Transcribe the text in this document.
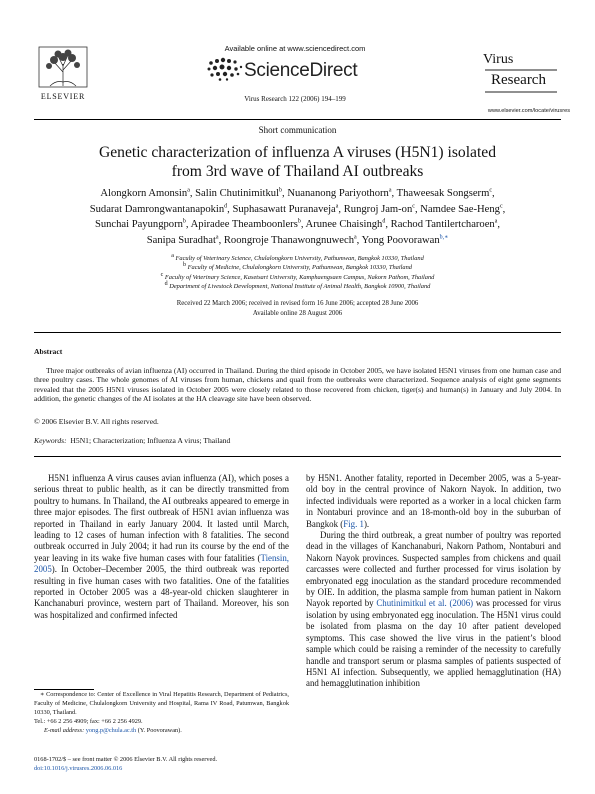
Available online at www.sciencedirect.com
ScienceDirect
ELSEVIER	Virus Research 122 (2006) 194–199
Virus
Research
www.elsevier.com/locate/virusres
Short communication
Genetic characterization of influenza A viruses (H5N1) isolated
from 3rd wave of Thailand AI outbreaks
Alongkorn Amonsin$^a$, Salin Chutinimitkul$^b$, Nuananong Pariyothorn$^a$, Thaweesak Songserm$^c$,
Sudarat Damrongwantanapokin$^d$, Suphasawatt Puranaveja$^a$, Rungroj Jam-$on^c$, Namdee Sae-Heng$^c$,
Sunchai Payungporn$^b$, Apiradee Theamboonlers$^b$, Arunee Chaisingh$^d$, Rachod Tantilertcharoen$^a$,
Sanipa Suradhat$^a$, Roongroje Thanawongnuwech$^a$, Yong Poovorawan$^{b,∗}$
a Faculty of Veterinary Science, Chulalongkorn University, Pathumwan, Bangkok 10330, Thailand
b Faculty of Medicine, Chulalongkorn University, Pathumwan, Bangkok 10330, Thailand
c Faculty of Veterinary Science, Kasetsart University, Kamphaengsaen Campus, Nakorn Pathom, Thailand
d Department of Livestock Development, National Institute of Animal Health, Bangkok 10900, Thailand
Received 22 March 2006; received in revised form 16 June 2006; accepted 28 June 2006
Available online 28 August 2006
Abstract
Three major outbreaks of avian influenza (AI) occurred in Thailand. During the third episode in October 2005, we have isolated H5N1 viruses from one human case and three poultry cases. The whole genomes of AI viruses from human, chickens and quail from the outbreaks were characterized. Sequence analysis of eight gene segments revealed that the 2005 H5N1 viruses isolated in October 2005 were closely related to those recovered from chicken, tiger(s) and human(s) in January and July 2004. In addition, the genetic changes of the AI isolates at the HA cleavage site have been observed.
© 2006 Elsevier B.V. All rights reserved.
Keywords: H5N1; Characterization; Influenza A virus; Thailand

H5N1 influenza A virus causes avian influenza (AI), which poses a serious threat to public health, as it can be directly transmitted from poultry to humans. In Thailand, the AI outbreaks appeared to emerge in three major episodes. The first outbreak of H5N1 avian influenza was reported in Thailand in early January 2004. It lasted until March, leading to 12 cases of human infection with 8 fatalities. The second outbreak occurred in July 2004; it had run its course by the end of the year leaving in its wake five human cases with four fatalities (Tiensin, 2005). In October–December 2005, the third outbreak was reported resulting in five human cases with two fatalities. One of the fatalities reported in October 2005 was a 48-year-old chicken slaughterer in Kanchanaburi province, western part of Thailand. Moreover, his son was hospitalized and confirmed infected

by H5N1. Another fatality, reported in December 2005, was a 5-year-old boy in the central province of Nakorn Nayok. In addition, two infected individuals were reported as a worker in a local chicken farm in Nontaburi province and an 18-month-old boy in the suburban of Bangkok (Fig. 1).

During the third outbreak, a great number of poultry was reported dead in the villages of Kanchanaburi, Nakorn Pathom, Nontaburi and Nakorn Nayok provinces. Suspected samples from chickens and quail carcasses were collected and further processed for virus isolation by embryonated egg inoculation as the standard procedure recommended by OIE. In addition, the plasma sample from human patient in Nakorn Nayok reported by Chutinimitkul et al. (2006) was processed for virus isolation by using embryonated egg inoculation. The H5N1 virus could be isolated from plasma on the day 10 after patient developed symptoms. This case showed the live virus in the patient’s blood sample which could be raising a reminder of the necessity to carefully handle and transport serum or plasma samples of patients suspected of H5N1 AI infection. Subsequently, we applied hemagglutination (HA) and hemagglutination inhibition

∗ Correspondence to: Center of Excellence in Viral Hepatitis Research, Department of Pediatrics, Faculty of Medicine, Chulalongkorn University and Hospital, Rama IV Road, Patumwan, Bangkok 10330, Thailand.
Tel.: +66 2 256 4909; fax: +66 2 256 4929.
E-mail address: yong.p@chula.ac.th (Y. Poovorawan).
0168-1702/$ – see front matter © 2006 Elsevier B.V. All rights reserved.
doi:10.1016/j.virusres.2006.06.016
